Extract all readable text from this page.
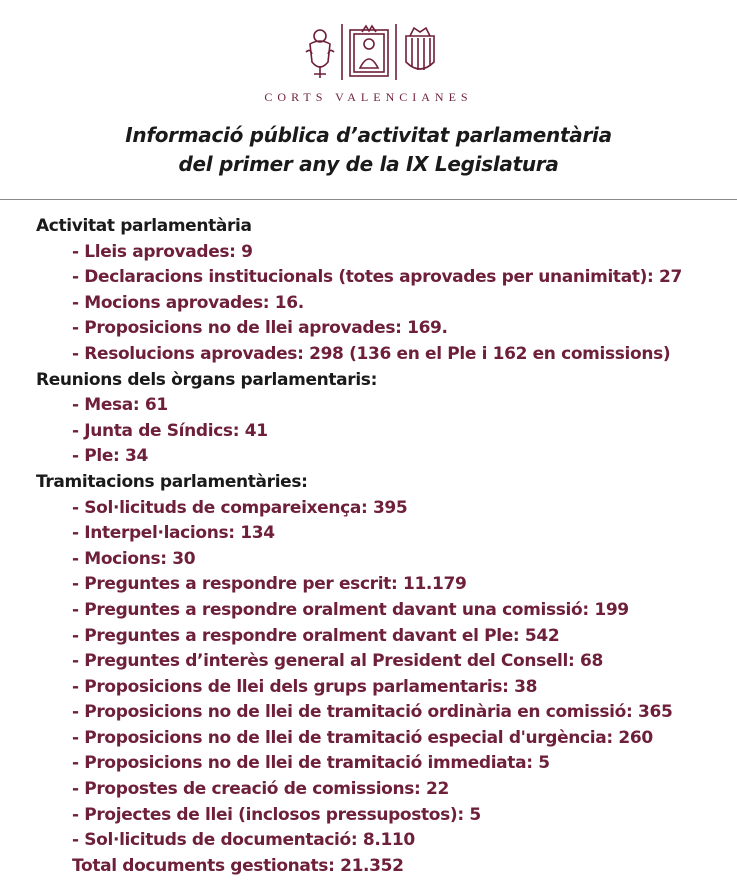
CORTS VALENCIANES
Informació pública d’activitat parlamentària
del primer any de la IX Legislatura
Activitat parlamentària
- Lleis aprovades: 9
- Declaracions institucionals (totes aprovades per unanimitat): 27
- Mocions aprovades: 16.
- Proposicions no de llei aprovades: 169.
- Resolucions aprovades: 298 (136 en el Ple i 162 en comissions)
Reunions dels òrgans parlamentaris:
- Mesa: 61
- Junta de Síndics: 41
- Ple: 34
Tramitacions parlamentàries:
- Sol·licituds de compareixença: 395
- Interpel·lacions: 134
- Mocions: 30
- Preguntes a respondre per escrit: 11.179
- Preguntes a respondre oralment davant una comissió: 199
- Preguntes a respondre oralment davant el Ple: 542
- Preguntes d’interès general al President del Consell: 68
- Proposicions de llei dels grups parlamentaris: 38
- Proposicions no de llei de tramitació ordinària en comissió: 365
- Proposicions no de llei de tramitació especial d'urgència: 260
- Proposicions no de llei de tramitació immediata: 5
- Propostes de creació de comissions: 22
- Projectes de llei (inclosos pressupostos): 5
- Sol·licituds de documentació: 8.110
Total documents gestionats: 21.352
